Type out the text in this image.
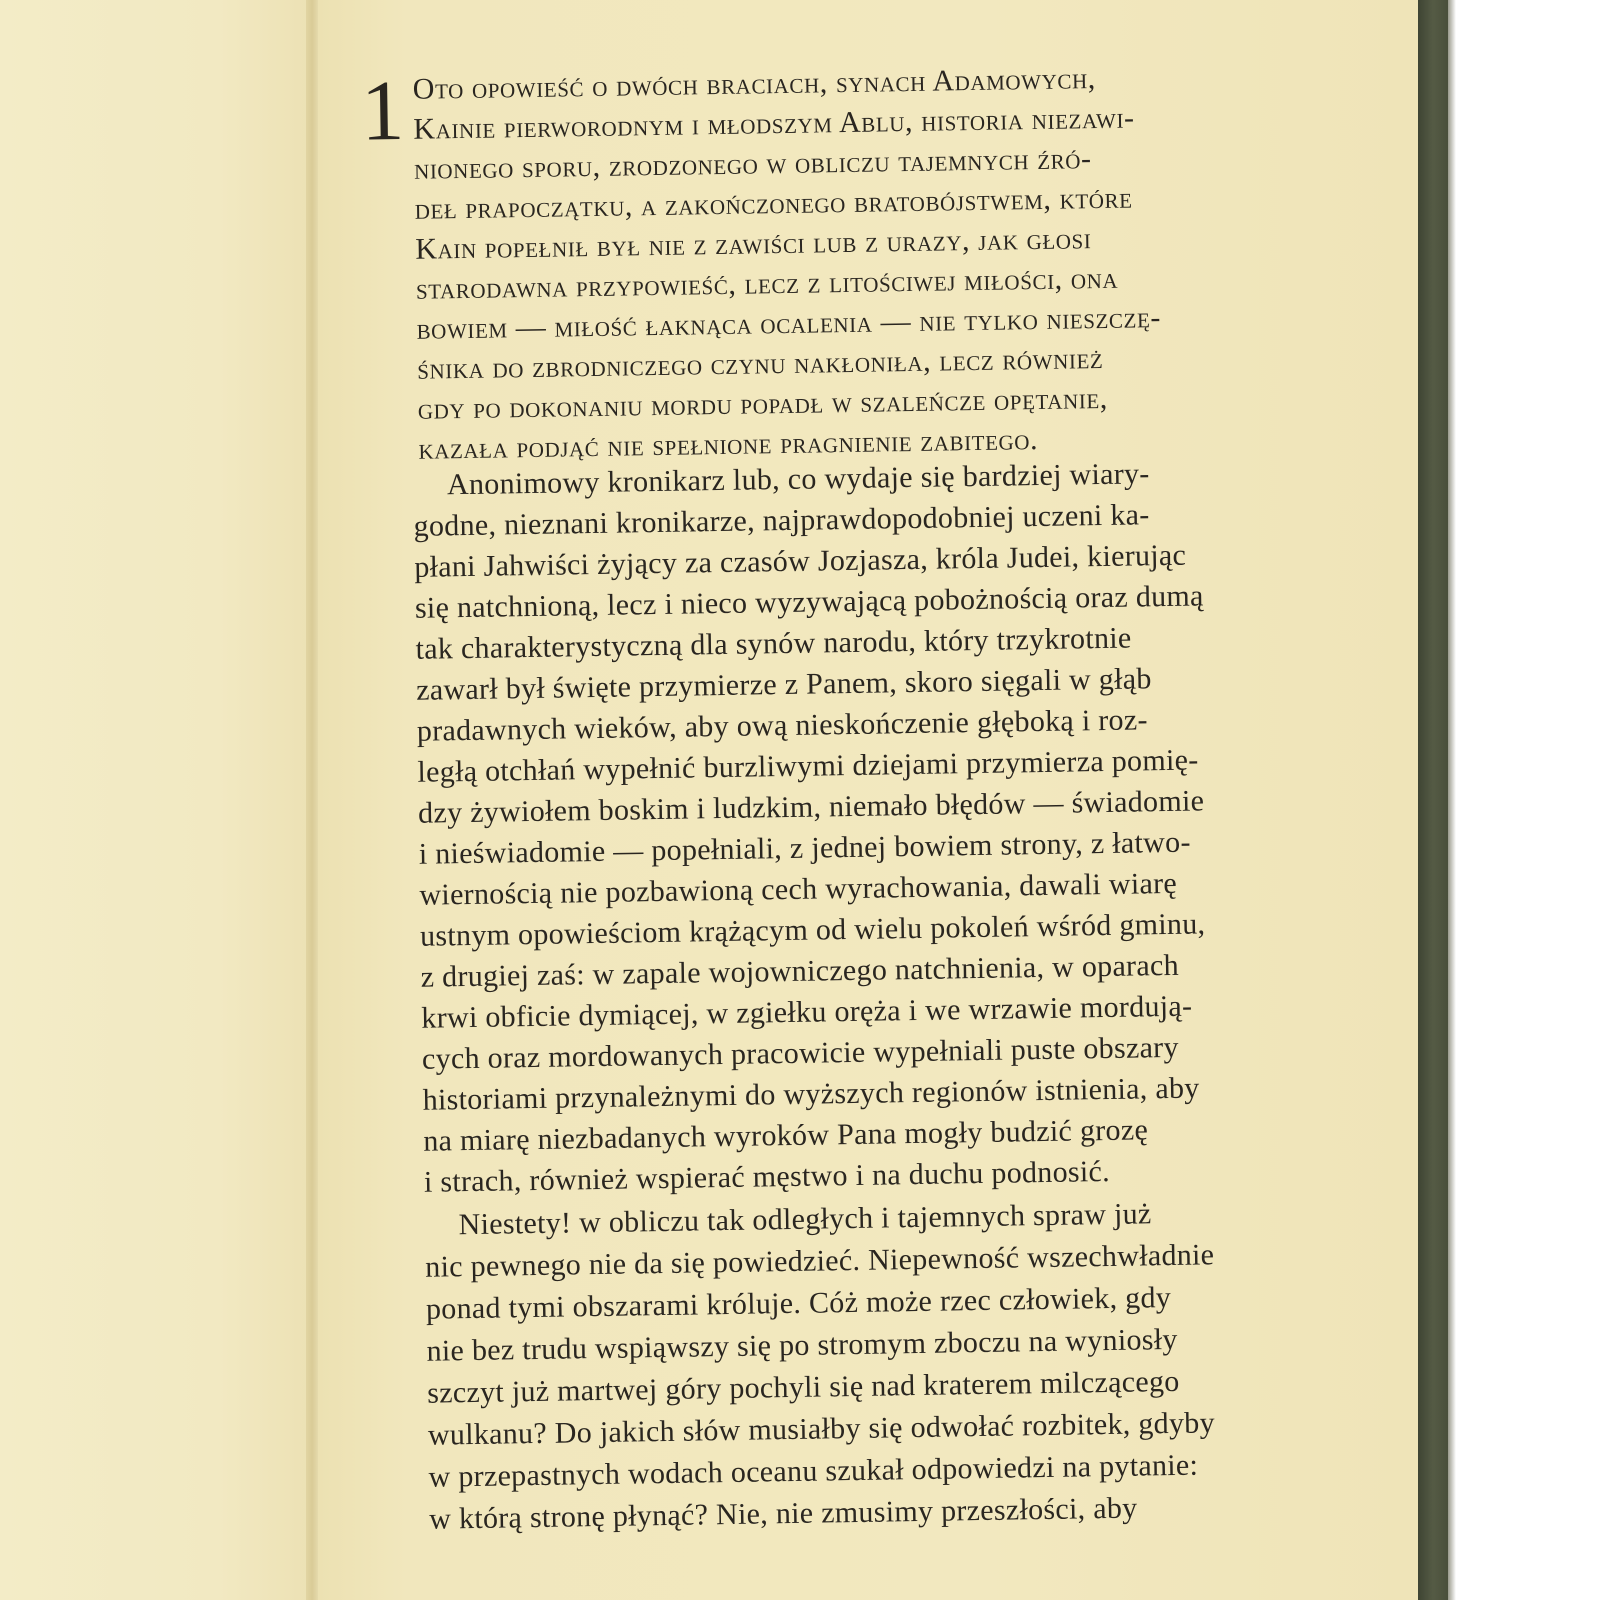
1 Oto opowieść o dwóch braciach, synach Adamowych,
Kainie pierworodnym i młodszym Ablu, historia niezawi-
nionego sporu, zrodzonego w obliczu tajemnych źró-
deł prapoczątku, a zakończonego bratobójstwem, które
Kain popełnił był nie z zawiści lub z urazy, jak głosi
starodawna przypowieść, lecz z litościwej miłości, ona
bowiem — miłość łaknąca ocalenia — nie tylko nieszczę-
śnika do zbrodniczego czynu nakłoniła, lecz również
gdy po dokonaniu mordu popadł w szaleńcze opętanie,
kazała podjąć nie spełnione pragnienie zabitego.
Anonimowy kronikarz lub, co wydaje się bardziej wiary-
godne, nieznani kronikarze, najprawdopodobniej uczeni ka-
płani Jahwiści żyjący za czasów Jozjasza, króla Judei, kierując
się natchnioną, lecz i nieco wyzywającą pobożnością oraz dumą
tak charakterystyczną dla synów narodu, który trzykrotnie
zawarł był święte przymierze z Panem, skoro sięgali w głąb
pradawnych wieków, aby ową nieskończenie głęboką i roz-
ległą otchłań wypełnić burzliwymi dziejami przymierza pomię-
dzy żywiołem boskim i ludzkim, niemało błędów — świadomie
i nieświadomie — popełniali, z jednej bowiem strony, z łatwo-
wiernością nie pozbawioną cech wyrachowania, dawali wiarę
ustnym opowieściom krążącym od wielu pokoleń wśród gminu,
z drugiej zaś: w zapale wojowniczego natchnienia, w oparach
krwi obficie dymiącej, w zgiełku oręża i we wrzawie mordują-
cych oraz mordowanych pracowicie wypełniali puste obszary
historiami przynależnymi do wyższych regionów istnienia, aby
na miarę niezbadanych wyroków Pana mogły budzić grozę
i strach, również wspierać męstwo i na duchu podnosić.
Niestety! w obliczu tak odległych i tajemnych spraw już
nic pewnego nie da się powiedzieć. Niepewność wszechwładnie
ponad tymi obszarami króluje. Cóż może rzec człowiek, gdy
nie bez trudu wspiąwszy się po stromym zboczu na wyniosły
szczyt już martwej góry pochyli się nad kraterem milczącego
wulkanu? Do jakich słów musiałby się odwołać rozbitek, gdyby
w przepastnych wodach oceanu szukał odpowiedzi na pytanie:
w którą stronę płynąć? Nie, nie zmusimy przeszłości, aby
